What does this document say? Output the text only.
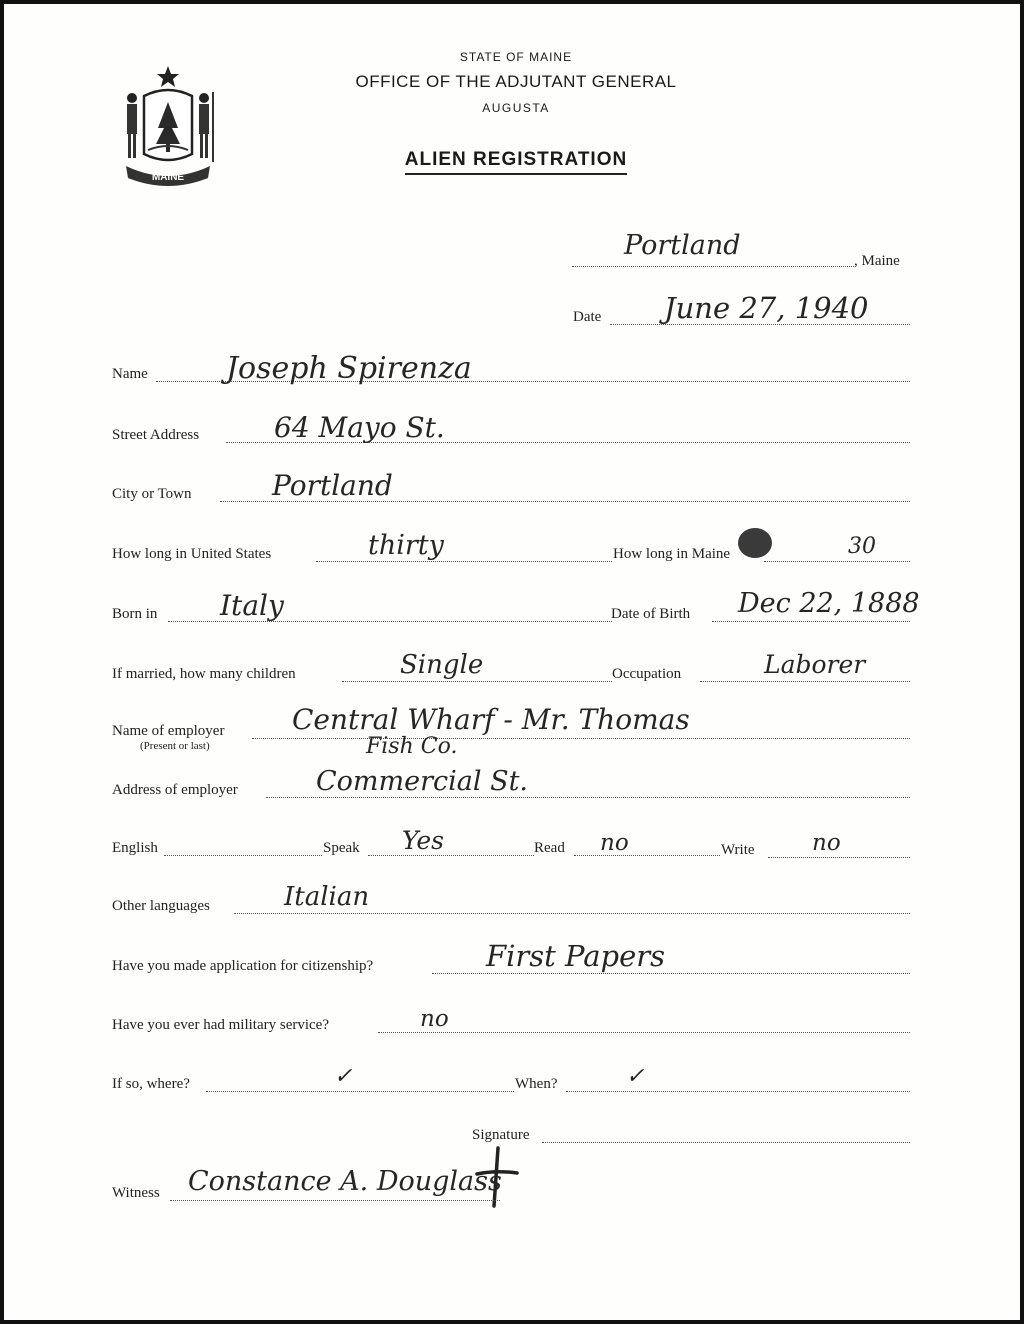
MAINE
STATE OF MAINE
OFFICE OF THE ADJUTANT GENERAL
AUGUSTA
ALIEN REGISTRATION
Portland	, Maine
Date June 27, 1940
Name	Joseph Spirenza
Street Address	64 Mayo St.
City or Town	Portland
How long in United States	thirty	How long in Maine	30
Born in Italy	Date of Birth Dec 22, 1888
If married, how many children	Single	Occupation	Laborer
Name of employer
(Present or last)
Central Wharf - Mr. Thomas
Fish Co.
Address of employer	Commercial St.
English	Speak Yes	Read no	Write no
Other languages	Italian
Have you made application for citizenship?	First Papers
Have you ever had military service?	no
If so, where?	✓	When?	✓
Signature
Witness Constance A. Douglass
